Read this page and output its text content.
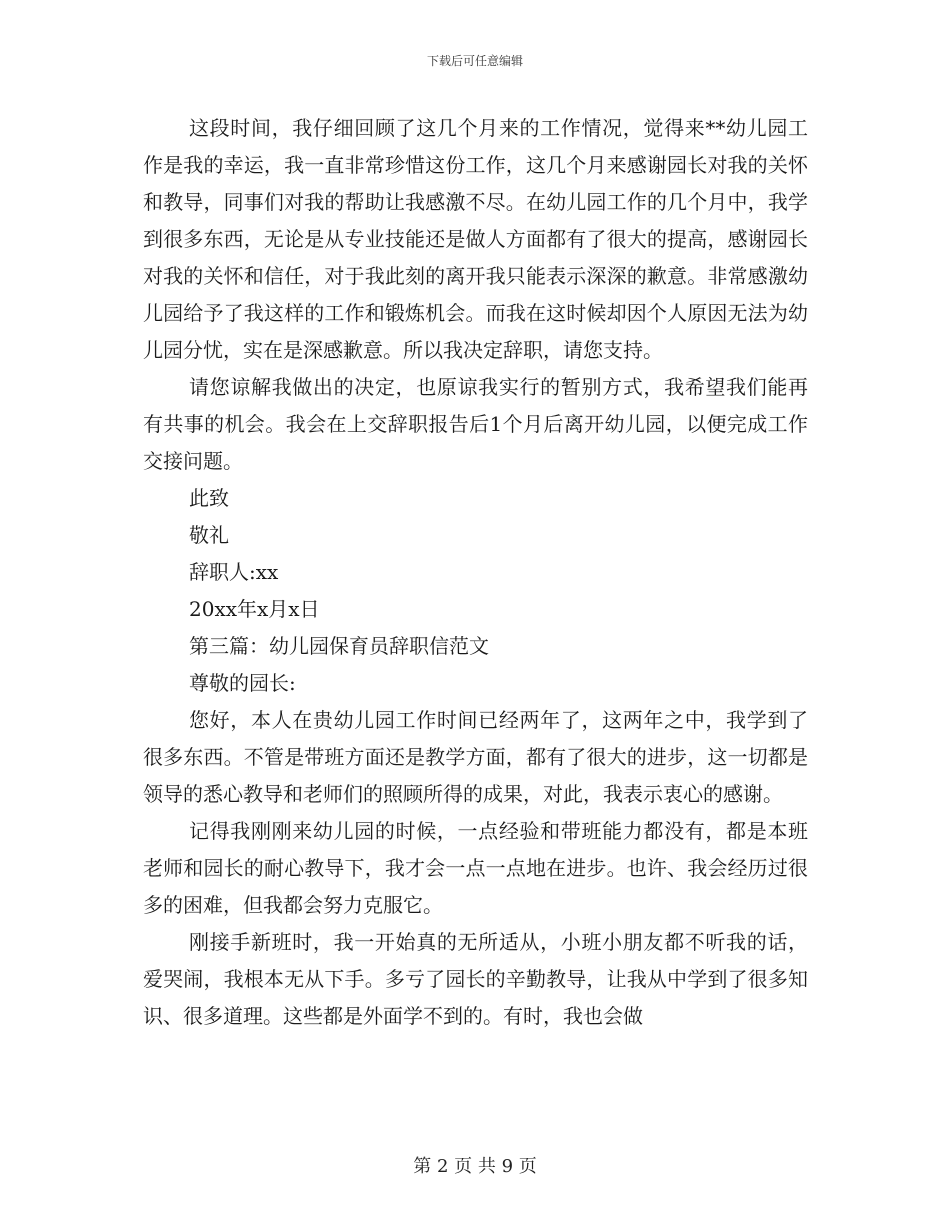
下载后可任意编辑

这段时间，我仔细回顾了这几个月来的工作情况，觉得来**幼儿园工作是我的幸运，我一直非常珍惜这份工作，这几个月来感谢园长对我的关怀和教导，同事们对我的帮助让我感激不尽。在幼儿园工作的几个月中，我学到很多东西，无论是从专业技能还是做人方面都有了很大的提高，感谢园长对我的关怀和信任，对于我此刻的离开我只能表示深深的歉意。非常感激幼儿园给予了我这样的工作和锻炼机会。而我在这时候却因个人原因无法为幼儿园分忧，实在是深感歉意。所以我决定辞职，请您支持。

请您谅解我做出的决定，也原谅我实行的暂别方式，我希望我们能再有共事的机会。我会在上交辞职报告后1个月后离开幼儿园，以便完成工作交接问题。

此致

敬礼

辞职人:xx

20xx年x月x日

第三篇：幼儿园保育员辞职信范文

尊敬的园长:

您好，本人在贵幼儿园工作时间已经两年了，这两年之中，我学到了很多东西。不管是带班方面还是教学方面，都有了很大的进步，这一切都是领导的悉心教导和老师们的照顾所得的成果，对此，我表示衷心的感谢。

记得我刚刚来幼儿园的时候，一点经验和带班能力都没有，都是本班老师和园长的耐心教导下，我才会一点一点地在进步。也许、我会经历过很多的困难，但我都会努力克服它。

刚接手新班时，我一开始真的无所适从，小班小朋友都不听我的话，爱哭闹，我根本无从下手。多亏了园长的辛勤教导，让我从中学到了很多知识、很多道理。这些都是外面学不到的。有时，我也会做

第 2 页 共 9 页
